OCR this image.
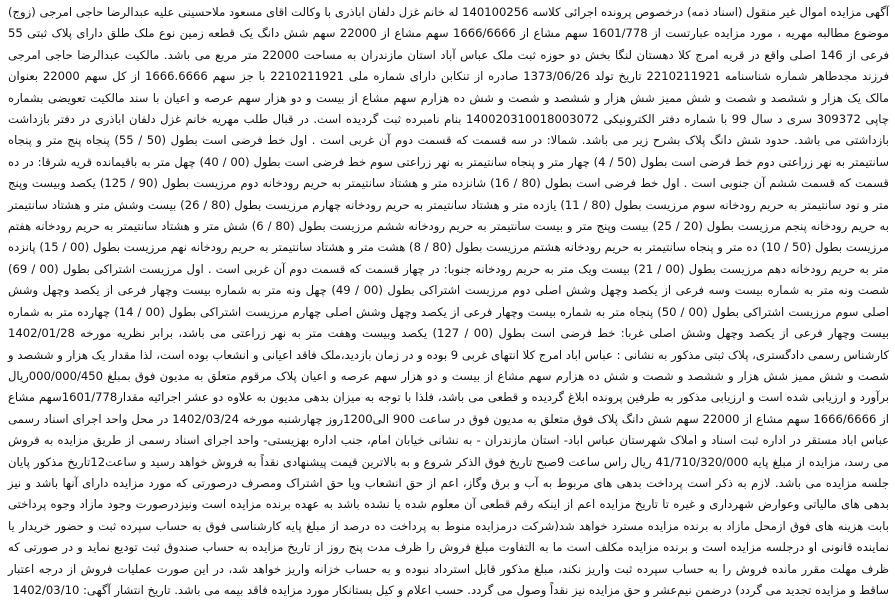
آگهی مزایده اموال غیر منقول (اسناد ذمه) درخصوص پرونده اجرائی کلاسه 140100256 له خانم غزل دلفان اباذری با وکالت اقای مسعود ملاحسینی علیه عبدالرضا حاجی امرجی (زوج) موضوع مطالبه مهریه ، مورد مزایده عبارتست از 1601/778 سهم مشاع از 1666/6666 سهم مشاع از 22000 سهم شش دانگ یک قطعه زمین نوع ملک طلق دارای پلاک ثبتی 55 فرعی از 146 اصلی واقع در قریه امرج کلا دهستان لنگا بخش دو حوزه ثبت ملک عباس آباد استان مازندران به مساحت 22000 متر مربع می باشد. مالکیت عبدالرضا حاجی امرجی فرزند مجدطاهر شماره شناسنامه 2210211921 تاریخ تولد 1373/06/26 صادره از تنکابن دارای شماره ملی 2210211921 با جز سهم 1666.6666 از کل سهم 22000 بعنوان مالک یک هزار و ششصد و شصت و شش ممیز شش هزار و ششصد و شصت و شش ده هزارم سهم مشاع از بیست و دو هزار سهم عرصه و اعیان با سند مالکیت تعویضی بشماره چاپی 309372 سری د سال 99 با شماره دفتر الکترونیکی 140020310018003072 بنام نامبرده ثبت گردیده است. در قبال طلب مهریه خانم غزل دلفان اباذری در دفتر بازداشت بازداشتی می باشد. حدود شش دانگ پلاک بشرح زیر می باشد. شمالا: در سه قسمت که قسمت دوم آن غربی است . اول خط فرضی است بطول (50 / 55) پنجاه پنج متر و پنجاه سانتیمتر به نهر زراعتی دوم خط فرضی است بطول (50 / 4) چهار متر و پنجاه سانتیمتر به نهر زراعتی سوم خط فرضی است بطول (00 / 40) چهل متر به باقیمانده قریه شرقا: در ده قسمت که قسمت ششم آن جنوبی است . اول خط فرضی است بطول (80 / 16) شانزده متر و هشتاد سانتیمتر به حریم رودخانه دوم مرزیست بطول (90 / 125) یکصد وبیست وپنج متر و نود سانتیمتر به حریم رودخانه سوم مرزیست بطول (80 / 11) یازده متر و هشتاد سانتیمتر به حریم رودخانه چهارم مرزیست بطول (80 / 26) بیست وشش متر و هشتاد سانتیمتر به حریم رودخانه پنجم مرزیست بطول (20 / 25) بیست وپنج متر و بیست سانتیمتر به حریم رودخانه ششم مرزیست بطول (80 / 6) شش متر و هشتاد سانتیمتر به حریم رودخانه هفتم مرزیست بطول (50 / 10) ده متر و پنجاه سانتیمتر به حریم رودخانه هشتم مرزیست بطول (80 / 8) هشت متر و هشتاد سانتیمتر به حریم رودخانه نهم مرزیست بطول (00 / 15) پانزده متر به حریم رودخانه دهم مرزیست بطول (00 / 21) بیست ویک متر به حریم رودخانه جنوبا: در چهار قسمت که قسمت دوم آن غربی است . اول مرزیست اشتراکی بطول (00 / 69) شصت ونه متر به شماره بیست وسه فرعی از یکصد وچهل وشش اصلی دوم مرزیست اشتراکی بطول (00 / 49) چهل ونه متر به شماره بیست وچهار فرعی از یکصد وچهل وشش اصلی سوم مرزیست اشتراکی بطول (00 / 50) پنجاه متر به شماره بیست وچهار فرعی از یکصد وچهل وشش اصلی چهارم مرزیست اشتراکی بطول (00 / 14) چهارده متر به شماره بیست وچهار فرعی از یکصد وچهل وشش اصلی غربا: خط فرضی است بطول (00 / 127) یکصد وبیست وهفت متر به نهر زراعتی می باشد، برابر نظریه مورخه 1402/01/28 کارشناس رسمی دادگستری، پلاک ثبتی مذکور به نشانی : عباس اباد امرج کلا انتهای غربی 9 بوده و در زمان بازدید،ملک فاقد اعیانی و انشعاب بوده است، لذا مقدار یک هزار و ششصد و شصت و شش ممیز شش هزار و ششصد و شصت و شش ده هزارم سهم مشاع از بیست و دو هزار سهم عرصه و اعیان پلاک مرقوم متعلق به مدیون فوق بمبلغ 000/000/450ریال برآورد و ارزیابی شده است و ارزیابی مذکور به طرفین پرونده ابلاغ گردیده و قطعی می باشد، فلذا با توجه به میزان بدهی مدیون به علاوه دو عشر اجرائیه مقدار1601/778سهم مشاع از 1666/6666 سهم مشاع از 22000 سهم شش دانگ پلاک فوق متعلق به مدیون فوق در ساعت 900 الی1200روز چهارشنبه مورخه 1402/03/24 در محل واحد اجرای اسناد رسمی عباس اباد مستقر در اداره ثبت اسناد و املاک شهرستان عباس اباد- استان مازندران - به نشانی خیابان امام، جنب اداره بهزیستی- واحد اجرای اسناد رسمی از طریق مزایده به فروش می رسد، مزایده از مبلغ پایه 41/710/320/000 ریال راس ساعت 9صبح تاریخ فوق الذکر شروع و به بالاترین قیمت پیشنهادی نقداً به فروش خواهد رسید و ساعت12تاریخ مذکور پایان جلسه مزایده می باشد. لازم به ذکر است پرداخت بدهی های مربوط به آب و برق وگاز، اعم از حق انشعاب ویا حق اشتراک ومصرف درصورتی که مورد مزایده دارای آنها باشد و نیز بدهی های مالیاتی وعوارض شهرداری و غیره تا تاریخ مزایده اعم از اینکه رقم قطعی آن معلوم شده یا نشده باشد به عهده برنده مزایده است ونیزدرصورت وجود مازاد وجوه پرداختی بابت هزینه های فوق ازمحل مازاد به برنده مزایده مسترد خواهد شد(شرکت درمزایده منوط به پرداخت ده درصد از مبلغ پایه کارشناسی فوق به حساب سپرده ثبت و حضور خریدار یا نماینده قانونی او درجلسه مزایده است و برنده مزایده مکلف است ما به التفاوت مبلغ فروش را ظرف مدت پنج روز از تاریخ مزایده به حساب صندوق ثبت تودیع نماید و در صورتی که ظرف مهلت مقرر مانده فروش را به حساب سپرده ثبت واریز نکند، مبلغ مذکور قابل استرداد نبوده و به حساب خزانه واریز خواهد شد، در این صورت عملیات فروش از درجه اعتبار ساقط و مزایده تجدید می گردد) درضمن نیم‌عشر و حق مزایده نیز نقداً وصول می گردد. حسب اعلام و کیل بستانکار مورد مزایده فاقد بیمه می باشد. تاریخ انتشار آگهی: 1402/03/10
